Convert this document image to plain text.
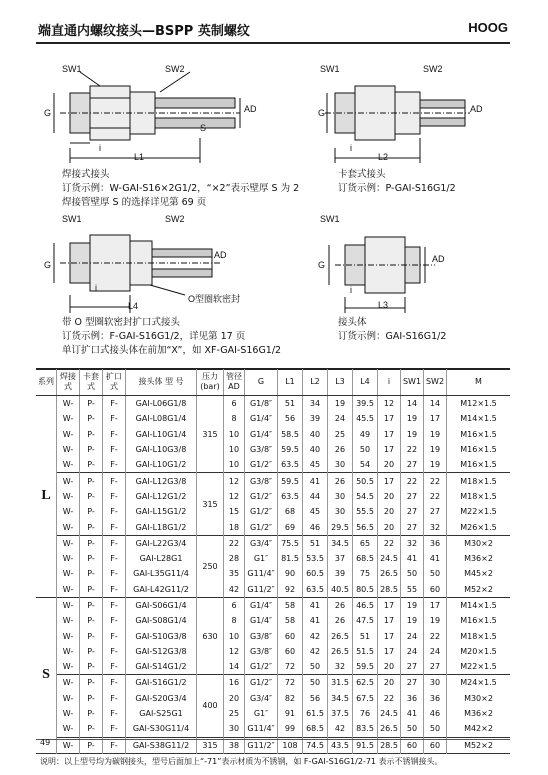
端直通内螺纹接头—BSPP 英制螺纹	HOOG
SW1	SW2
G	AD
S
i
L1
焊接式接头
订货示例：W-GAI-S16×2G1/2，“×2”表示壁厚 S 为 2
焊接管壁厚 S 的选择详见第 69 页
SW1	SW2
G	AD
i
L2
卡套式接头
订货示例：P-GAI-S16G1/2
SW1	SW2
G
AD
i
L4
O型圈软密封
带 O 型圈软密封扩口式接头
订货示例：F-GAI-S16G1/2，详见第 17 页
单订扩口式接头体在前加“X”，如 XF-GAI-S16G1/2
SW1
G
AD
i
L3
接头体
订货示例：GAI-S16G1/2
系列	焊接式	卡套式	扩口式	接头体 型 号	压力 (bar)	管径 AD	G	L1	L2	L3	L4	i	SW1	SW2	M
L	W-	P-	F-	GAI-L06G1/8	315	6	G1/8″	51	34	19	39.5	12	14	14	M12×1.5
	W-	P-	F-	GAI-L08G1/4		8	G1/4″	56	39	24	45.5	17	19	17	M14×1.5
	W-	P-	F-	GAI-L10G1/4		10	G1/4″	58.5	40	25	49	17	19	19	M16×1.5
	W-	P-	F-	GAI-L10G3/8		10	G3/8″	59.5	40	26	50	17	22	19	M16×1.5
	W-	P-	F-	GAI-L10G1/2		10	G1/2″	63.5	45	30	54	20	27	19	M16×1.5
	W-	P-	F-	GAI-L12G3/8	315	12	G3/8″	59.5	41	26	50.5	17	22	22	M18×1.5
	W-	P-	F-	GAI-L12G1/2		12	G1/2″	63.5	44	30	54.5	20	27	22	M18×1.5
	W-	P-	F-	GAI-L15G1/2		15	G1/2″	68	45	30	55.5	20	27	27	M22×1.5
	W-	P-	F-	GAI-L18G1/2		18	G1/2″	69	46	29.5	56.5	20	27	32	M26×1.5
	W-	P-	F-	GAI-L22G3/4	250	22	G3/4″	75.5	51	34.5	65	22	32	36	M30×2
	W-	P-	F-	GAI-L28G1		28	G1″	81.5	53.5	37	68.5	24.5	41	41	M36×2
	W-	P-	F-	GAI-L35G11/4		35	G11/4″	90	60.5	39	75	26.5	50	50	M45×2
	W-	P-	F-	GAI-L42G11/2		42	G11/2″	92	63.5	40.5	80.5	28.5	55	60	M52×2
S	W-	P-	F-	GAI-S06G1/4	630	6	G1/4″	58	41	26	46.5	17	19	17	M14×1.5
	W-	P-	F-	GAI-S08G1/4		8	G1/4″	58	41	26	47.5	17	19	19	M16×1.5
	W-	P-	F-	GAI-S10G3/8		10	G3/8″	60	42	26.5	51	17	24	22	M18×1.5
	W-	P-	F-	GAI-S12G3/8		12	G3/8″	60	42	26.5	51.5	17	24	24	M20×1.5
	W-	P-	F-	GAI-S14G1/2		14	G1/2″	72	50	32	59.5	20	27	27	M22×1.5
	W-	P-	F-	GAI-S16G1/2	400	16	G1/2″	72	50	31.5	62.5	20	27	30	M24×1.5
	W-	P-	F-	GAI-S20G3/4		20	G3/4″	82	56	34.5	67.5	22	36	36	M30×2
	W-	P-	F-	GAI-S25G1		25	G1″	91	61.5	37.5	76	24.5	41	46	M36×2
	W-	P-	F-	GAI-S30G11/4		30	G11/4″	99	68.5	42	83.5	26.5	50	50	M42×2
	W-	P-	F-	GAI-S38G11/2	315	38	G11/2″	108	74.5	43.5	91.5	28.5	60	60	M52×2
说明：以上型号均为碳钢接头，型号后面加上“-71”表示材质为不锈钢，如 F-GAI-S16G1/2-71 表示不锈钢接头。															
49
